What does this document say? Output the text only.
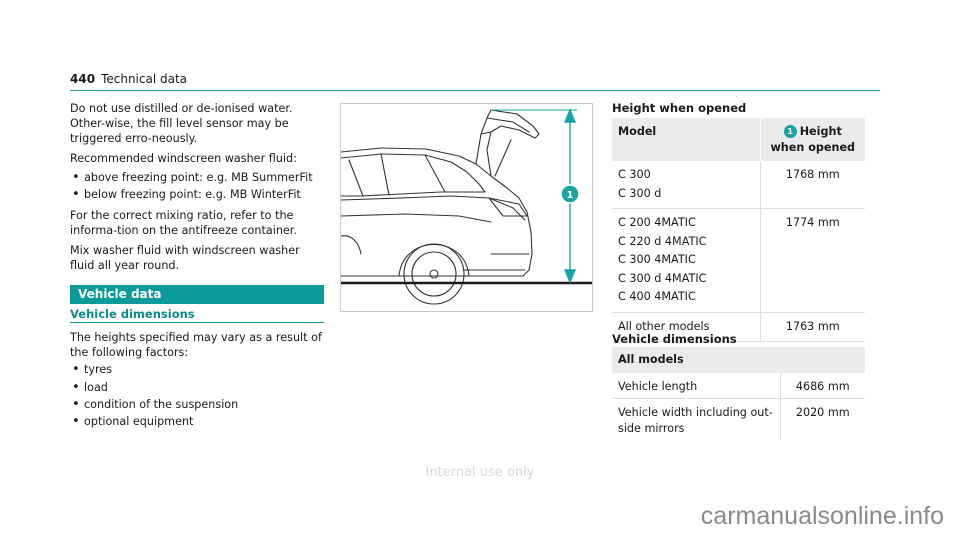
440 Technical data

Do not use distilled or de-ionised water. Other-wise, the fill level sensor may be triggered erro-neously.

Recommended windscreen washer fluid:

• above freezing point: e.g. MB SummerFit
• below freezing point: e.g. MB WinterFit

For the correct mixing ratio, refer to the informa-tion on the antifreeze container.

Mix washer fluid with windscreen washer fluid all year round.

Vehicle data
Vehicle dimensions

The heights specified may vary as a result of the following factors:

• tyres
• load
• condition of the suspension
• optional equipment
1
Height when opened
Model	1 Height when opened

C 300
C 300 d	1768 mm

C 200 4MATIC
C 220 d 4MATIC
C 300 4MATIC
C 300 d 4MATIC
C 400 4MATIC	1774 mm

All other models	1763 mm
Vehicle dimensions
All models	
Vehicle length	4686 mm
Vehicle width including out-side mirrors	2020 mm
Internal use only
carmanualsonline.info
